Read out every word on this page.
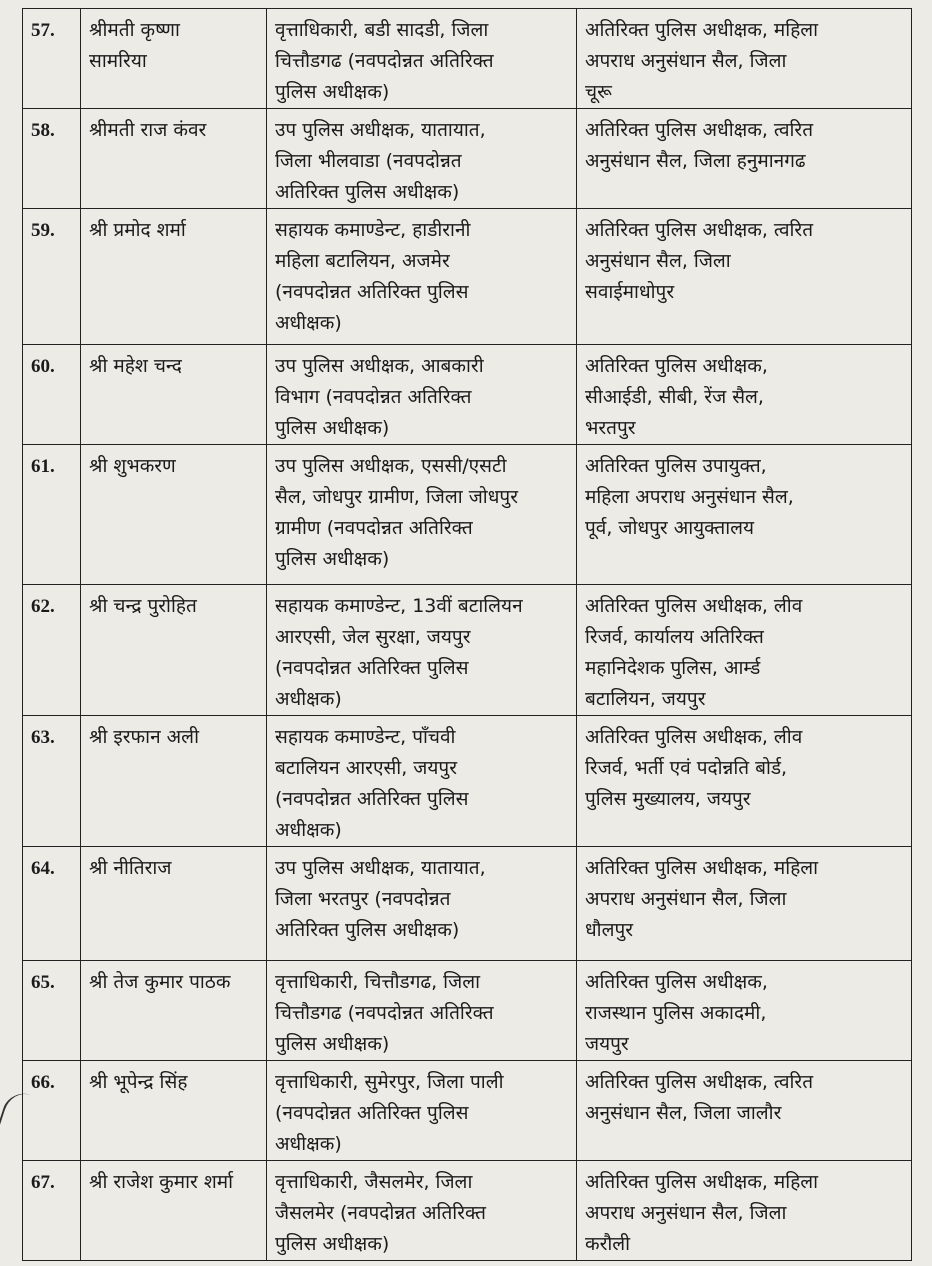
57.	श्रीमती कृष्णा
सामरिया	वृत्ताधिकारी, बडी सादडी, जिला
चित्तौडगढ (नवपदोन्नत अतिरिक्त
पुलिस अधीक्षक)	अतिरिक्त पुलिस अधीक्षक, महिला
अपराध अनुसंधान सैल, जिला
चूरू

58.	श्रीमती राज कंवर	उप पुलिस अधीक्षक, यातायात,
जिला भीलवाडा (नवपदोन्नत
अतिरिक्त पुलिस अधीक्षक)	अतिरिक्त पुलिस अधीक्षक, त्वरित
अनुसंधान सैल, जिला हनुमानगढ

59.	श्री प्रमोद शर्मा	सहायक कमाण्डेन्ट, हाडीरानी
महिला बटालियन, अजमेर
(नवपदोन्नत अतिरिक्त पुलिस
अधीक्षक)	अतिरिक्त पुलिस अधीक्षक, त्वरित
अनुसंधान सैल, जिला
सवाईमाधोपुर

60.	श्री महेश चन्द	उप पुलिस अधीक्षक, आबकारी
विभाग (नवपदोन्नत अतिरिक्त
पुलिस अधीक्षक)	अतिरिक्त पुलिस अधीक्षक,
सीआईडी, सीबी, रेंज सैल,
भरतपुर

61.	श्री शुभकरण	उप पुलिस अधीक्षक, एससी/एसटी
सैल, जोधपुर ग्रामीण, जिला जोधपुर
ग्रामीण (नवपदोन्नत अतिरिक्त
पुलिस अधीक्षक)	अतिरिक्त पुलिस उपायुक्त,
महिला अपराध अनुसंधान सैल,
पूर्व, जोधपुर आयुक्तालय

62.	श्री चन्द्र पुरोहित	सहायक कमाण्डेन्ट, 13वीं बटालियन
आरएसी, जेल सुरक्षा, जयपुर
(नवपदोन्नत अतिरिक्त पुलिस
अधीक्षक)	अतिरिक्त पुलिस अधीक्षक, लीव
रिजर्व, कार्यालय अतिरिक्त
महानिदेशक पुलिस, आर्म्ड
बटालियन, जयपुर

63.	श्री इरफान अली	सहायक कमाण्डेन्ट, पाँचवी
बटालियन आरएसी, जयपुर
(नवपदोन्नत अतिरिक्त पुलिस
अधीक्षक)	अतिरिक्त पुलिस अधीक्षक, लीव
रिजर्व, भर्ती एवं पदोन्नति बोर्ड,
पुलिस मुख्यालय, जयपुर

64.	श्री नीतिराज	उप पुलिस अधीक्षक, यातायात,
जिला भरतपुर (नवपदोन्नत
अतिरिक्त पुलिस अधीक्षक)	अतिरिक्त पुलिस अधीक्षक, महिला
अपराध अनुसंधान सैल, जिला
धौलपुर

65.	श्री तेज कुमार पाठक	वृत्ताधिकारी, चित्तौडगढ, जिला
चित्तौडगढ (नवपदोन्नत अतिरिक्त
पुलिस अधीक्षक)	अतिरिक्त पुलिस अधीक्षक,
राजस्थान पुलिस अकादमी,
जयपुर

66.	श्री भूपेन्द्र सिंह	वृत्ताधिकारी, सुमेरपुर, जिला पाली
(नवपदोन्नत अतिरिक्त पुलिस
अधीक्षक)	अतिरिक्त पुलिस अधीक्षक, त्वरित
अनुसंधान सैल, जिला जालौर

67.	श्री राजेश कुमार शर्मा	वृत्ताधिकारी, जैसलमेर, जिला
जैसलमेर (नवपदोन्नत अतिरिक्त
पुलिस अधीक्षक)	अतिरिक्त पुलिस अधीक्षक, महिला
अपराध अनुसंधान सैल, जिला
करौली
